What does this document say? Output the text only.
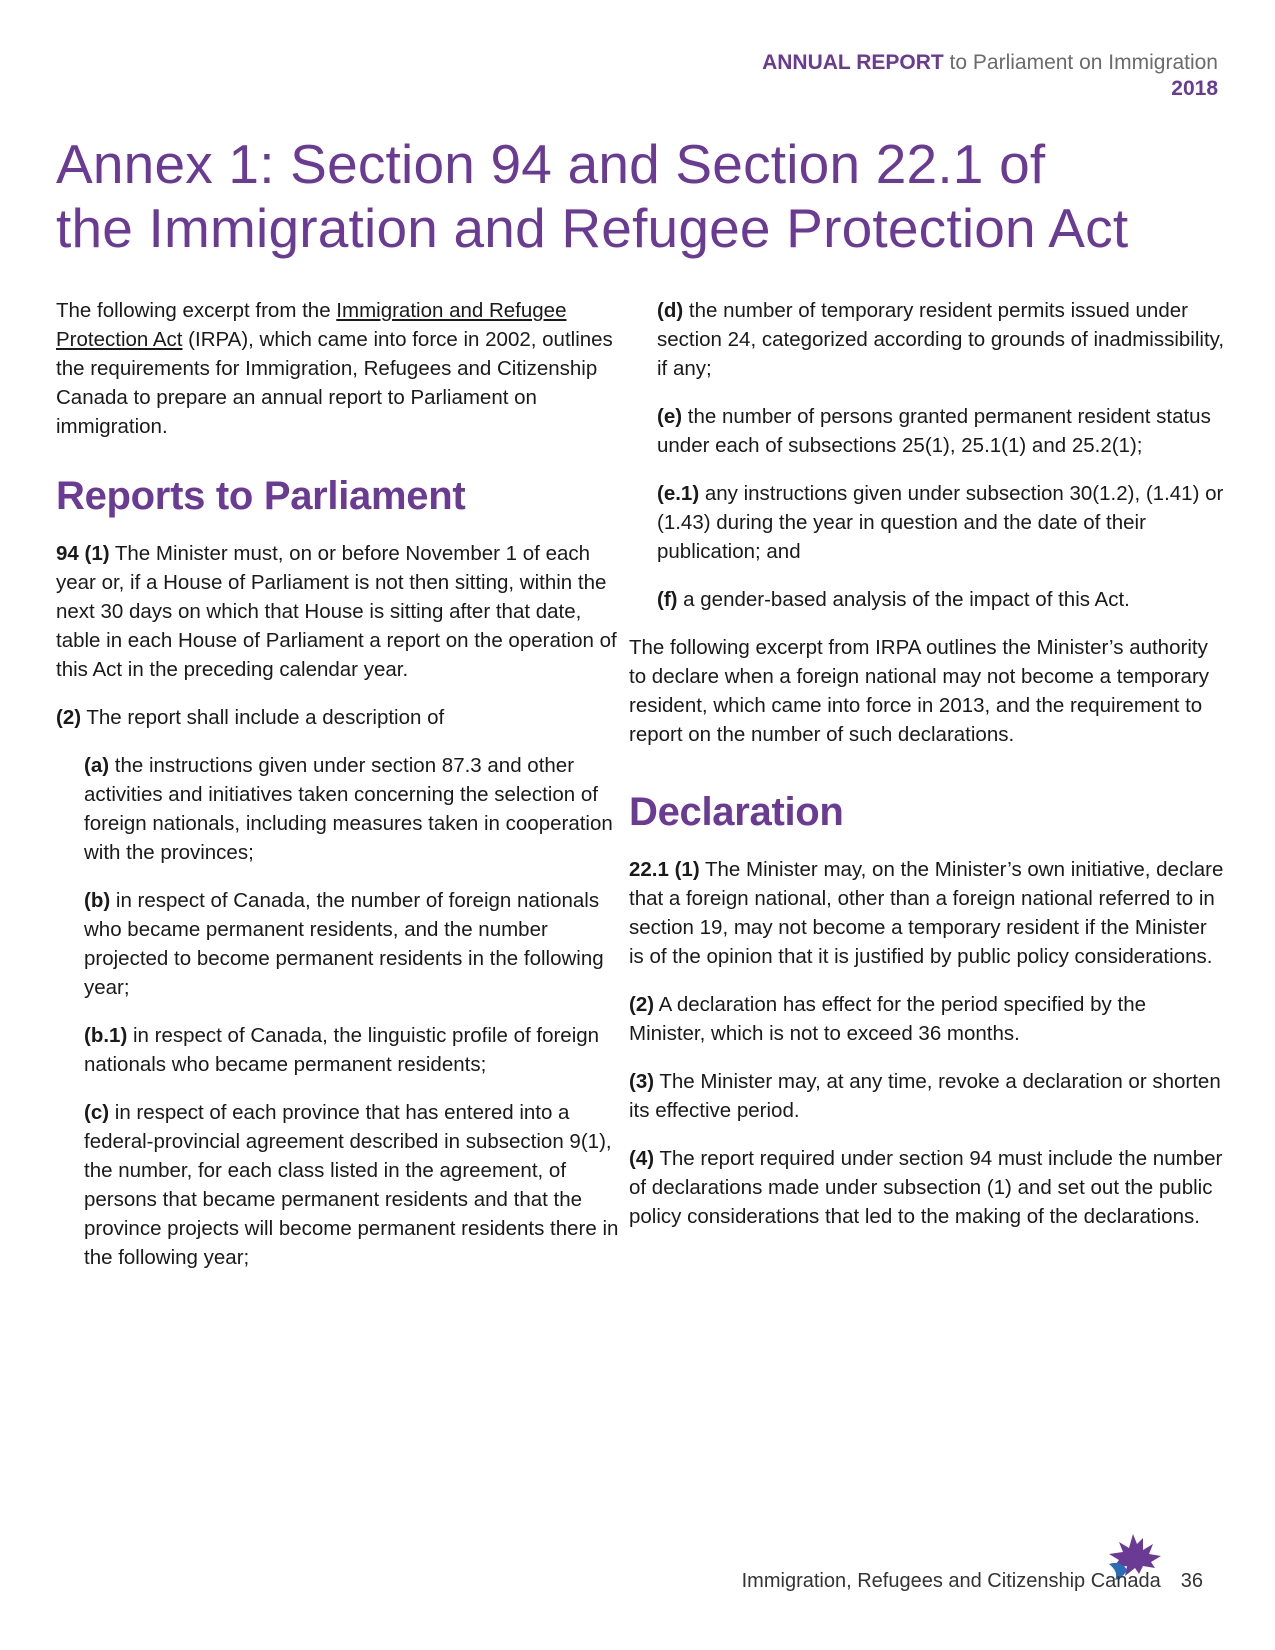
ANNUAL REPORT to Parliament on Immigration
2018
Annex 1: Section 94 and Section 22.1 of
the Immigration and Refugee Protection Act

The following excerpt from the Immigration and Refugee Protection Act (IRPA), which came into force in 2002, outlines the requirements for Immigration, Refugees and Citizenship Canada to prepare an annual report to Parliament on immigration.

Reports to Parliament

94 (1) The Minister must, on or before November 1 of each year or, if a House of Parliament is not then sitting, within the next 30 days on which that House is sitting after that date, table in each House of Parliament a report on the operation of this Act in the preceding calendar year.

(2) The report shall include a description of

(a) the instructions given under section 87.3 and other activities and initiatives taken concerning the selection of foreign nationals, including measures taken in cooperation with the provinces;

(b) in respect of Canada, the number of foreign nationals who became permanent residents, and the number projected to become permanent residents in the following year;

(b.1) in respect of Canada, the linguistic profile of foreign nationals who became permanent residents;

(c) in respect of each province that has entered into a federal-provincial agreement described in subsection 9(1), the number, for each class listed in the agreement, of persons that became permanent residents and that the province projects will become permanent residents there in the following year;

(d) the number of temporary resident permits issued under section 24, categorized according to grounds of inadmissibility, if any;

(e) the number of persons granted permanent resident status under each of subsections 25(1), 25.1(1) and 25.2(1);

(e.1) any instructions given under subsection 30(1.2), (1.41) or (1.43) during the year in question and the date of their publication; and

(f) a gender-based analysis of the impact of this Act.

The following excerpt from IRPA outlines the Minister’s authority to declare when a foreign national may not become a temporary resident, which came into force in 2013, and the requirement to report on the number of such declarations.

Declaration

22.1 (1) The Minister may, on the Minister’s own initiative, declare that a foreign national, other than a foreign national referred to in section 19, may not become a temporary resident if the Minister is of the opinion that it is justified by public policy considerations.

(2) A declaration has effect for the period specified by the Minister, which is not to exceed 36 months.

(3) The Minister may, at any time, revoke a declaration or shorten its effective period.

(4) The report required under section 94 must include the number of declarations made under subsection (1) and set out the public policy considerations that led to the making of the declarations.

Immigration, Refugees and Citizenship Canada 36
